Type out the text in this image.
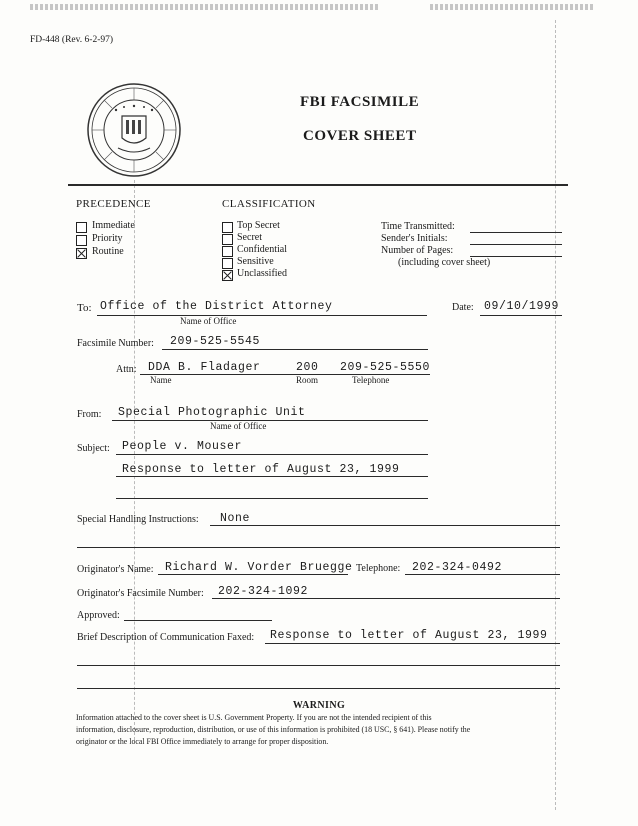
FD-448 (Rev. 6-2-97)
FBI FACSIMILE
COVER SHEET
PRECEDENCE
Immediate
Priority
Routine
CLASSIFICATION
Top Secret
Secret
Confidential
Sensitive
Unclassified
Time Transmitted:
Sender's Initials:
Number of Pages:
(including cover sheet)
To: Office of the District Attorney
Name of Office
Date: 09/10/1999
Facsimile Number: 209-525-5545
Attn: DDA B. Fladager	200 209-525-5550
Name	Room	Telephone
From: Special Photographic Unit
Name of Office
Subject: People v. Mouser
Response to letter of August 23, 1999
Special Handling Instructions: None
Originator's Name: Richard W. Vorder Bruegge Telephone: 202-324-0492
Originator's Facsimile Number: 202-324-1092
Approved:
Brief Description of Communication Faxed: Response to letter of August 23, 1999
WARNING
Information attached to the cover sheet is U.S. Government Property. If you are not the intended recipient of this
information, disclosure, reproduction, distribution, or use of this information is prohibited (18 USC, § 641). Please notify the
originator or the local FBI Office immediately to arrange for proper disposition.
